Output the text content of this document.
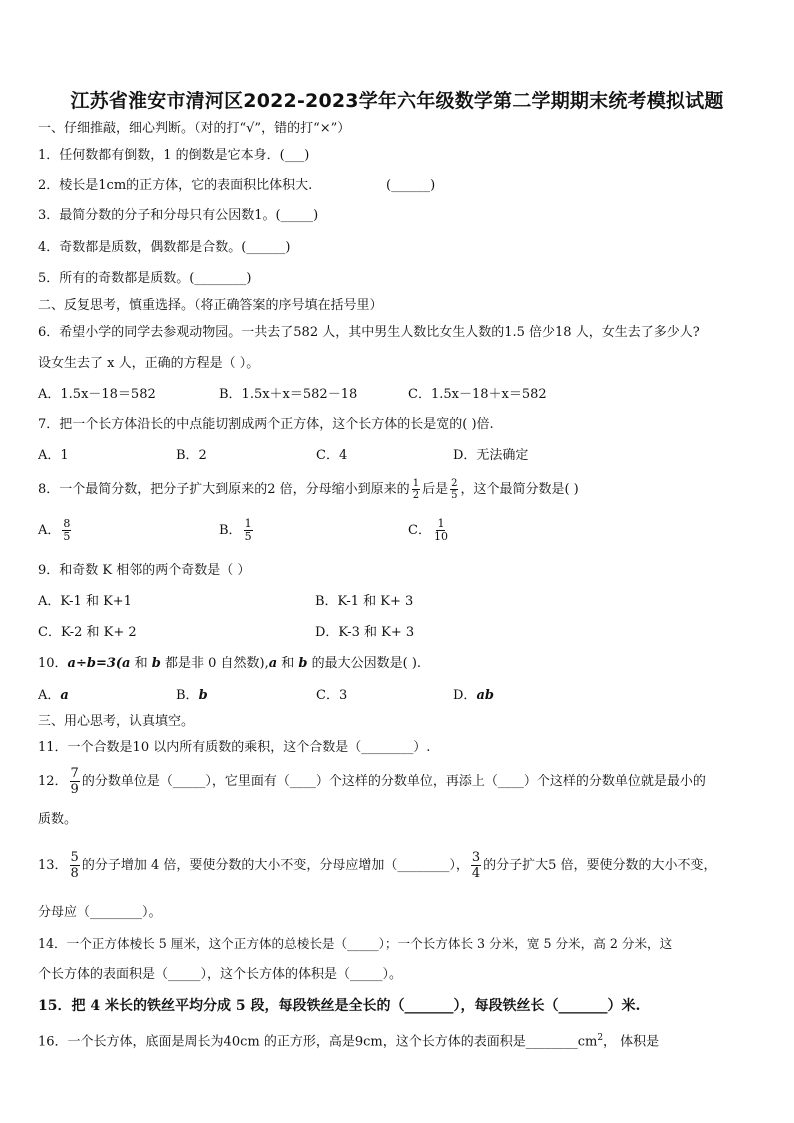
江苏省淮安市清河区2022-2023学年六年级数学第二学期期末统考模拟试题
一、仔细推敲，细心判断。（对的打“√”，错的打“×”）
1．任何数都有倒数，1 的倒数是它本身．(___)
2．棱长是1cm的正方体，它的表面积比体积大.	(______)
3．最简分数的分子和分母只有公因数1。(_____)
4．奇数都是质数，偶数都是合数。(______)
5．所有的奇数都是质数。(________)
二、反复思考，慎重选择。（将正确答案的序号填在括号里）
6．希望小学的同学去参观动物园。一共去了582 人，其中男生人数比女生人数的1.5 倍少18 人，女生去了多少人?
设女生去了 x 人，正确的方程是（ ）。
A．1.5x－18＝582	B．1.5x＋x＝582－18	C．1.5x－18＋x＝582
7．把一个长方体沿长的中点能切割成两个正方体，这个长方体的长是宽的( )倍.
A．1	B．2	C．4	D．无法确定
8．一个最简分数，把分子扩大到原来的2 倍，分母缩小到原来的 $\frac{1}{2}$ 后是 $\frac{2}{5}$ ，这个最简分数是( )
A． $\frac{8}{5}$	B． $\frac{1}{5}$	C． $\frac{1}{10}$
9．和奇数 K 相邻的两个奇数是（ ）
A．K-1 和 K+1	B．K-1 和 K+ 3
C．K-2 和 K+ 2	D．K-3 和 K+ 3
10．a÷b=3(a 和 b 都是非 0 自然数),a 和 b 的最大公因数是( ).
A．a	B．b	C．3	D．ab
三、用心思考，认真填空。
11．一个合数是10 以内所有质数的乘积，这个合数是（________）.
12． $\frac{7}{9}$ 的分数单位是（_____），它里面有（____）个这样的分数单位，再添上（____）个这样的分数单位就是最小的
质数。
13． $\frac{5}{8}$ 的分子增加 4 倍，要使分数的大小不变，分母应增加（________）， $\frac{3}{4}$ 的分子扩大5 倍，要使分数的大小不变，
分母应（________）。
14．一个正方体棱长 5 厘米，这个正方体的总棱长是（_____）；一个长方体长 3 分米，宽 5 分米，高 2 分米，这
个长方体的表面积是（_____），这个长方体的体积是（_____）。
15．把 4 米长的铁丝平均分成 5 段，每段铁丝是全长的（_______），每段铁丝长（_______）米.
16．一个长方体，底面是周长为40cm 的正方形，高是9cm，这个长方体的表面积是$\_\_\_\_\_\_\_\_cm^2$， 体积是
